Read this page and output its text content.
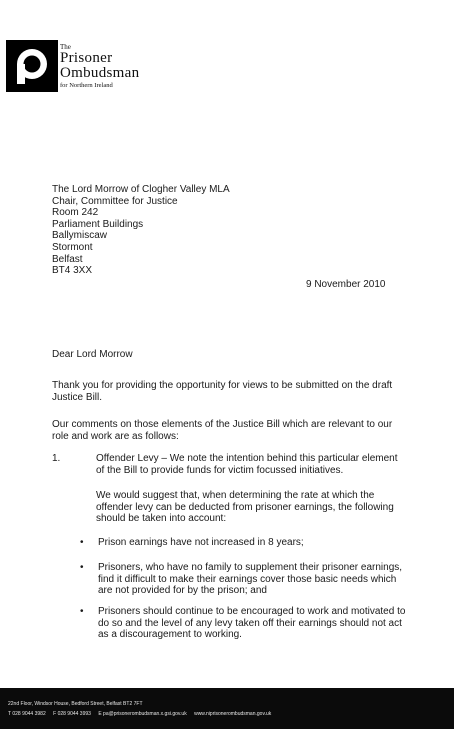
The
Prisoner
Ombudsman
for Northern Ireland
The Lord Morrow of Clogher Valley MLA
Chair, Committee for Justice
Room 242
Parliament Buildings
Ballymiscaw
Stormont
Belfast
BT4 3XX
9 November 2010
Dear Lord Morrow
Thank you for providing the opportunity for views to be submitted on the draft Justice Bill.
Our comments on those elements of the Justice Bill which are relevant to our role and work are as follows:
1.	Offender Levy – We note the intention behind this particular element of the Bill to provide funds for victim focussed initiatives.
We would suggest that, when determining the rate at which the offender levy can be deducted from prisoner earnings, the following should be taken into account:
• Prison earnings have not increased in 8 years;
• Prisoners, who have no family to supplement their prisoner earnings, find it difficult to make their earnings cover those basic needs which are not provided for by the prison; and
• Prisoners should continue to be encouraged to work and motivated to do so and the level of any levy taken off their earnings should not act as a discouragement to working.
22nd Floor, Windsor House, Bedford Street, Belfast BT2 7FT
T 028 9044 3982 F 028 9044 3993 E pa@prisonerombudsman.x.gsi.gov.uk www.niprisonerombudsman.gov.uk
